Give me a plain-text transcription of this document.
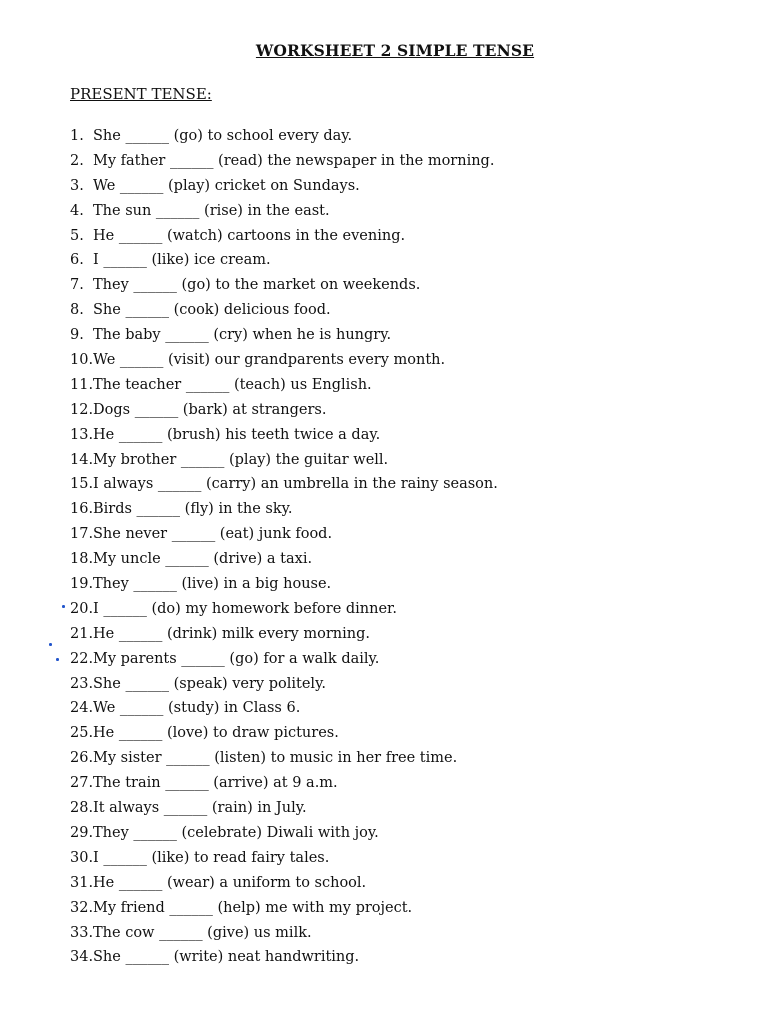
WORKSHEET 2 SIMPLE TENSE
PRESENT TENSE:
1. She ______ (go) to school every day.
2. My father ______ (read) the newspaper in the morning.
3. We ______ (play) cricket on Sundays.
4. The sun ______ (rise) in the east.
5. He ______ (watch) cartoons in the evening.
6. I ______ (like) ice cream.
7. They ______ (go) to the market on weekends.
8. She ______ (cook) delicious food.
9. The baby ______ (cry) when he is hungry.
10. We ______ (visit) our grandparents every month.
11. The teacher ______ (teach) us English.
12. Dogs ______ (bark) at strangers.
13. He ______ (brush) his teeth twice a day.
14. My brother ______ (play) the guitar well.
15. I always ______ (carry) an umbrella in the rainy season.
16. Birds ______ (fly) in the sky.
17. She never ______ (eat) junk food.
18. My uncle ______ (drive) a taxi.
19. They ______ (live) in a big house.
20. I ______ (do) my homework before dinner.
21. He ______ (drink) milk every morning.
22. My parents ______ (go) for a walk daily.
23. She ______ (speak) very politely.
24. We ______ (study) in Class 6.
25. He ______ (love) to draw pictures.
26. My sister ______ (listen) to music in her free time.
27. The train ______ (arrive) at 9 a.m.
28. It always ______ (rain) in July.
29. They ______ (celebrate) Diwali with joy.
30. I ______ (like) to read fairy tales.
31. He ______ (wear) a uniform to school.
32. My friend ______ (help) me with my project.
33. The cow ______ (give) us milk.
34. She ______ (write) neat handwriting.
